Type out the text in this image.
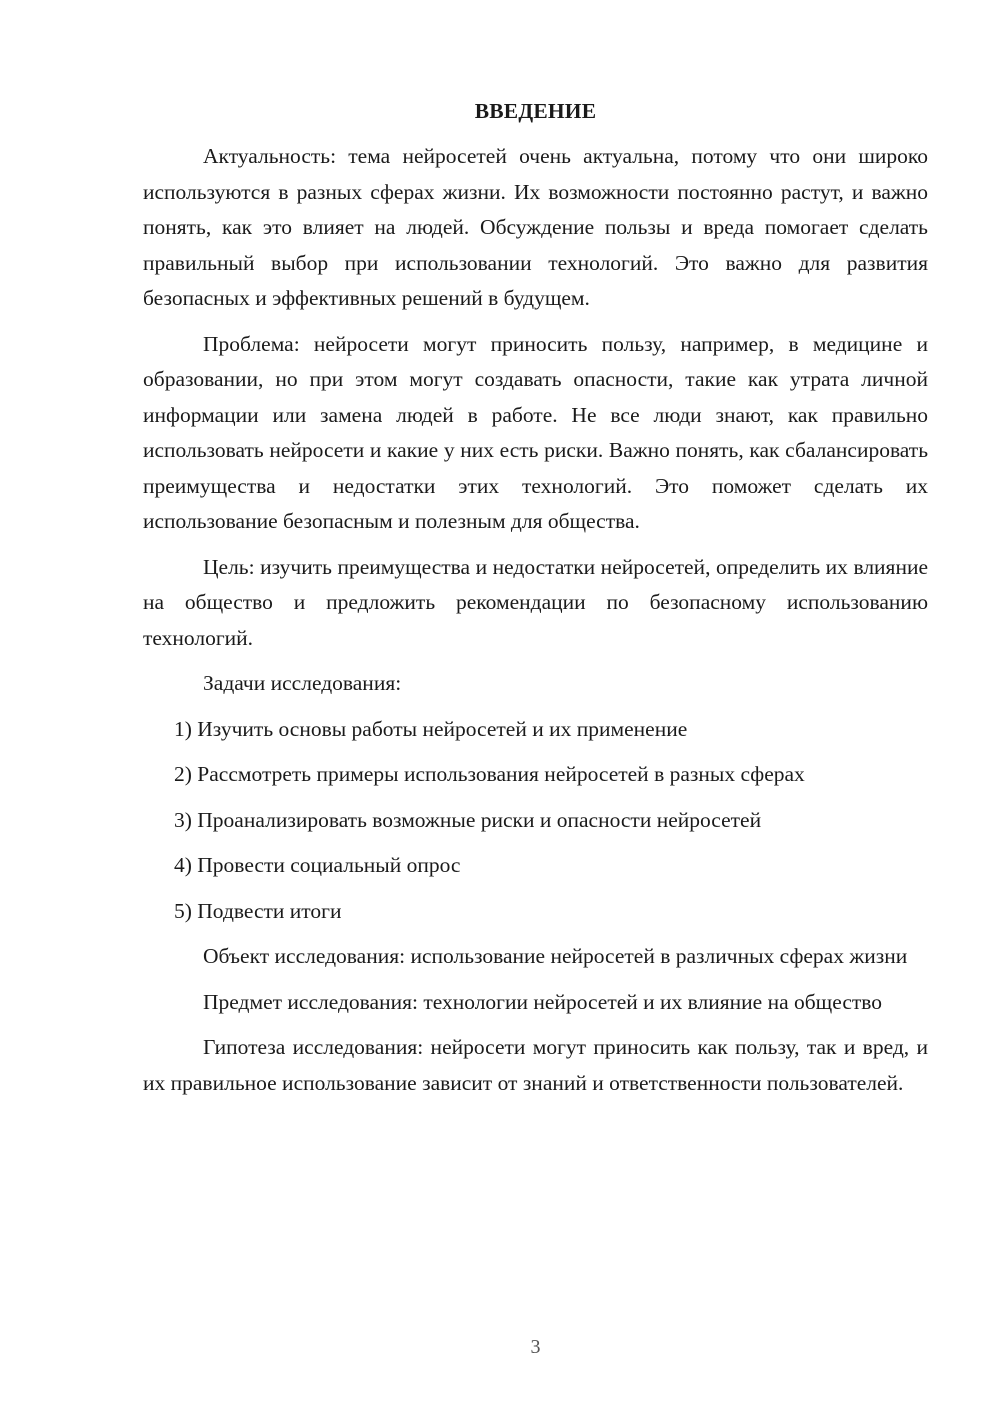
ВВЕДЕНИЕ

Актуальность: тема нейросетей очень актуальна, потому что они широко используются в разных сферах жизни. Их возможности постоянно растут, и важно понять, как это влияет на людей. Обсуждение пользы и вреда помогает сделать правильный выбор при использовании технологий. Это важно для развития безопасных и эффективных решений в будущем.

Проблема: нейросети могут приносить пользу, например, в медицине и образовании, но при этом могут создавать опасности, такие как утрата личной информации или замена людей в работе. Не все люди знают, как правильно использовать нейросети и какие у них есть риски. Важно понять, как сбалансировать преимущества и недостатки этих технологий. Это поможет сделать их использование безопасным и полезным для общества.

Цель: изучить преимущества и недостатки нейросетей, определить их влияние на общество и предложить рекомендации по безопасному использованию технологий.

Задачи исследования:

1) Изучить основы работы нейросетей и их применение

2) Рассмотреть примеры использования нейросетей в разных сферах

3) Проанализировать возможные риски и опасности нейросетей

4) Провести социальный опрос

5) Подвести итоги

Объект исследования: использование нейросетей в различных сферах жизни

Предмет исследования: технологии нейросетей и их влияние на общество

Гипотеза исследования: нейросети могут приносить как пользу, так и вред, и их правильное использование зависит от знаний и ответственности пользователей.

3
